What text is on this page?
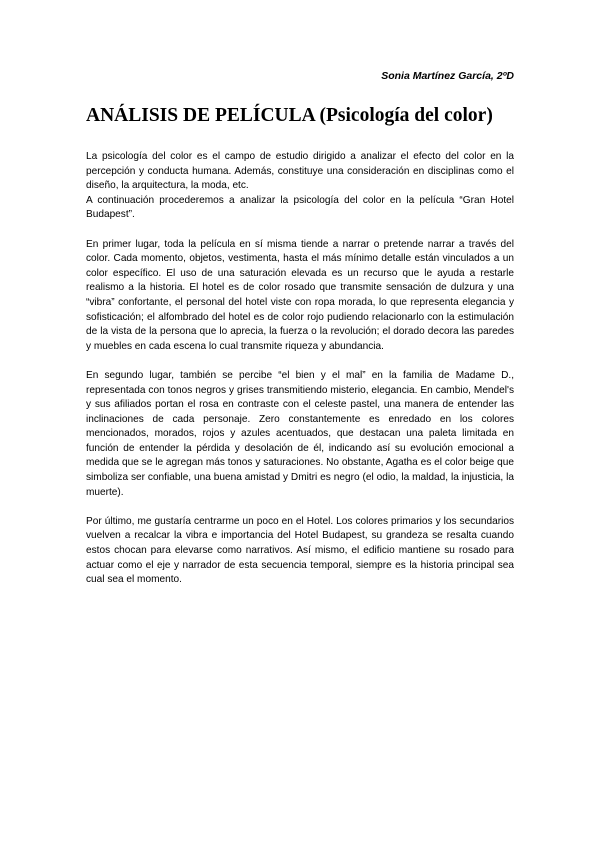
Sonia Martínez García, 2ºD
ANÁLISIS DE PELÍCULA (Psicología del color)

La psicología del color es el campo de estudio dirigido a analizar el efecto del color en la percepción y conducta humana. Además, constituye una consideración en disciplinas como el diseño, la arquitectura, la moda, etc.

A continuación procederemos a analizar la psicología del color en la película “Gran Hotel Budapest”.

En primer lugar, toda la película en sí misma tiende a narrar o pretende narrar a través del color. Cada momento, objetos, vestimenta, hasta el más mínimo detalle están vinculados a un color específico. El uso de una saturación elevada es un recurso que le ayuda a restarle realismo a la historia. El hotel es de color rosado que transmite sensación de dulzura y una “vibra” confortante, el personal del hotel viste con ropa morada, lo que representa elegancia y sofisticación; el alfombrado del hotel es de color rojo pudiendo relacionarlo con la estimulación de la vista de la persona que lo aprecia, la fuerza o la revolución; el dorado decora las paredes y muebles en cada escena lo cual transmite riqueza y abundancia.

En segundo lugar, también se percibe “el bien y el mal” en la familia de Madame D., representada con tonos negros y grises transmitiendo misterio, elegancia. En cambio, Mendel's y sus afiliados portan el rosa en contraste con el celeste pastel, una manera de entender las inclinaciones de cada personaje. Zero constantemente es enredado en los colores mencionados, morados, rojos y azules acentuados, que destacan una paleta limitada en función de entender la pérdida y desolación de él, indicando así su evolución emocional a medida que se le agregan más tonos y saturaciones. No obstante, Agatha es el color beige que simboliza ser confiable, una buena amistad y Dmitri es negro (el odio, la maldad, la injusticia, la muerte).

Por último, me gustaría centrarme un poco en el Hotel. Los colores primarios y los secundarios vuelven a recalcar la vibra e importancia del Hotel Budapest, su grandeza se resalta cuando estos chocan para elevarse como narrativos. Así mismo, el edificio mantiene su rosado para actuar como el eje y narrador de esta secuencia temporal, siempre es la historia principal sea cual sea el momento.
